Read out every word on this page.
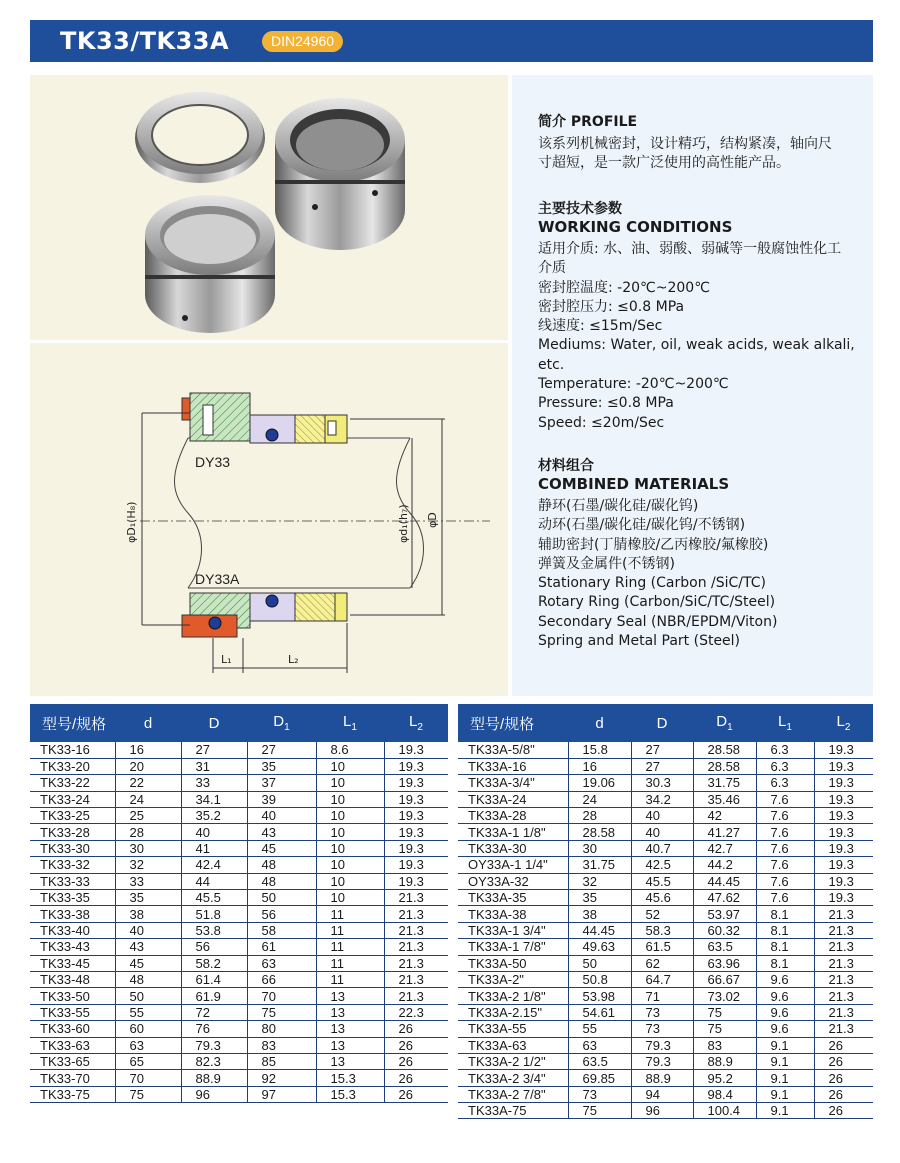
TK33/TK33A	DIN24960
DY33
DY33A
φD₁(H₈)	φd₁(h₇) φD
L₁	L₂
简介 PROFILE
该系列机械密封，设计精巧，结构紧凑，轴向尺
寸超短，是一款广泛使用的高性能产品。
主要技术参数
WORKING CONDITIONS
适用介质: 水、油、弱酸、弱碱等一般腐蚀性化工
介质
密封腔温度: -20℃~200℃
密封腔压力: ≤0.8 MPa
线速度: ≤15m/Sec
Mediums: Water, oil, weak acids, weak alkali,
etc.
Temperature: -20℃~200℃
Pressure: ≤0.8 MPa
Speed: ≤20m/Sec
材料组合
COMBINED MATERIALS
静环(石墨/碳化硅/碳化钨)
动环(石墨/碳化硅/碳化钨/不锈钢)
辅助密封(丁腈橡胶/乙丙橡胶/氟橡胶)
弹簧及金属件(不锈钢)
Stationary Ring (Carbon /SiC/TC)
Rotary Ring (Carbon/SiC/TC/Steel)
Secondary Seal (NBR/EPDM/Viton)
Spring and Metal Part (Steel)
型号/规格	d	D	$D_1$	$L_1$	$L_2$
TK33-16	16	27	27	8.6	19.3
TK33-20	20	31	35	10	19.3
TK33-22	22	33	37	10	19.3
TK33-24	24	34.1	39	10	19.3
TK33-25	25	35.2	40	10	19.3
TK33-28	28	40	43	10	19.3
TK33-30	30	41	45	10	19.3
TK33-32	32	42.4	48	10	19.3
TK33-33	33	44	48	10	19.3
TK33-35	35	45.5	50	10	21.3
TK33-38	38	51.8	56	11	21.3
TK33-40	40	53.8	58	11	21.3
TK33-43	43	56	61	11	21.3
TK33-45	45	58.2	63	11	21.3
TK33-48	48	61.4	66	11	21.3
TK33-50	50	61.9	70	13	21.3
TK33-55	55	72	75	13	22.3
TK33-60	60	76	80	13	26
TK33-63	63	79.3	83	13	26
TK33-65	65	82.3	85	13	26
TK33-70	70	88.9	92	15.3	26
TK33-75	75	96	97	15.3	26
型号/规格	d	D	$D_1$	$L_1$	$L_2$
TK33A-5/8"	15.8	27	28.58	6.3	19.3
TK33A-16	16	27	28.58	6.3	19.3
TK33A-3/4"	19.06	30.3	31.75	6.3	19.3
TK33A-24	24	34.2	35.46	7.6	19.3
TK33A-28	28	40	42	7.6	19.3
TK33A-1 1/8"	28.58	40	41.27	7.6	19.3
TK33A-30	30	40.7	42.7	7.6	19.3
OY33A-1 1/4"	31.75	42.5	44.2	7.6	19.3
OY33A-32	32	45.5	44.45	7.6	19.3
TK33A-35	35	45.6	47.62	7.6	19.3
TK33A-38	38	52	53.97	8.1	21.3
TK33A-1 3/4"	44.45	58.3	60.32	8.1	21.3
TK33A-1 7/8"	49.63	61.5	63.5	8.1	21.3
TK33A-50	50	62	63.96	8.1	21.3
TK33A-2"	50.8	64.7	66.67	9.6	21.3
TK33A-2 1/8"	53.98	71	73.02	9.6	21.3
TK33A-2.15"	54.61	73	75	9.6	21.3
TK33A-55	55	73	75	9.6	21.3
TK33A-63	63	79.3	83	9.1	26
TK33A-2 1/2"	63.5	79.3	88.9	9.1	26
TK33A-2 3/4"	69.85	88.9	95.2	9.1	26
TK33A-2 7/8"	73	94	98.4	9.1	26
TK33A-75	75	96	100.4	9.1	26
